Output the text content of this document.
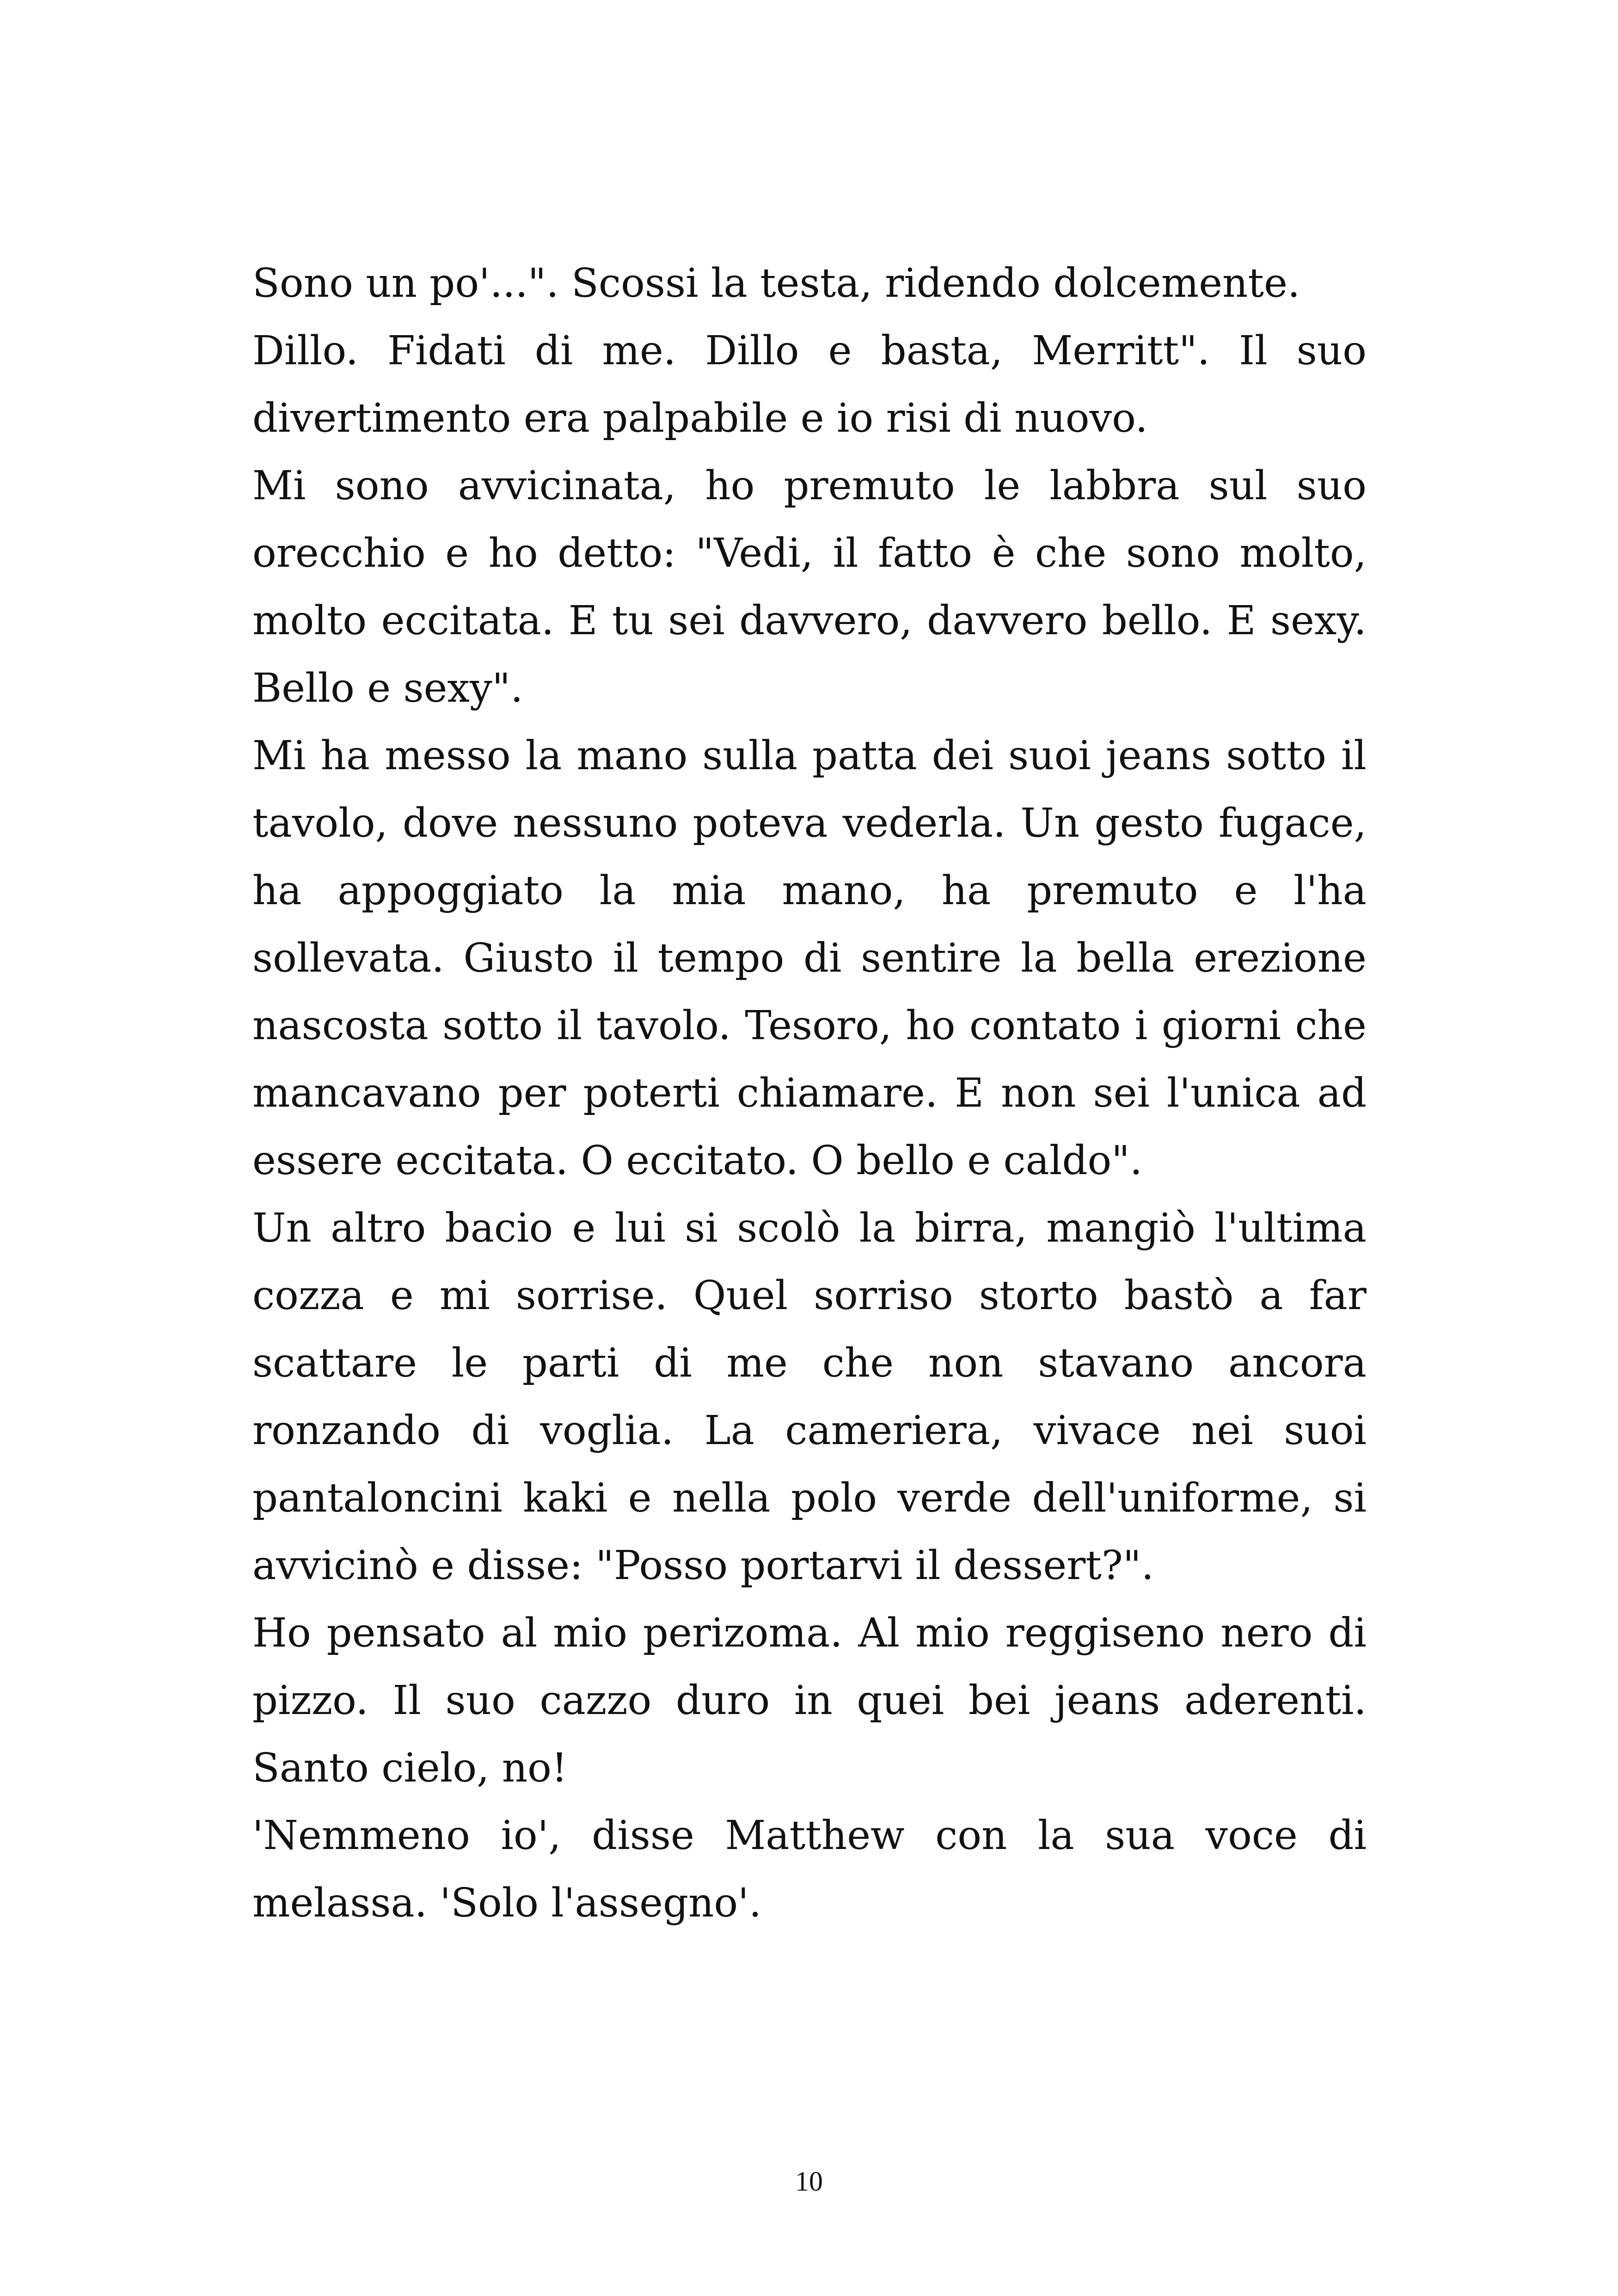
Sono un po'...". Scossi la testa, ridendo dolcemente.

Dillo. Fidati di me. Dillo e basta, Merritt". Il suo divertimento era palpabile e io risi di nuovo.

Mi sono avvicinata, ho premuto le labbra sul suo orecchio e ho detto: "Vedi, il fatto è che sono molto, molto eccitata. E tu sei davvero, davvero bello. E sexy. Bello e sexy".

Mi ha messo la mano sulla patta dei suoi jeans sotto il tavolo, dove nessuno poteva vederla. Un gesto fugace, ha appoggiato la mia mano, ha premuto e l'ha sollevata. Giusto il tempo di sentire la bella erezione nascosta sotto il tavolo. Tesoro, ho contato i giorni che mancavano per poterti chiamare. E non sei l'unica ad essere eccitata. O eccitato. O bello e caldo".

Un altro bacio e lui si scolò la birra, mangiò l'ultima cozza e mi sorrise. Quel sorriso storto bastò a far scattare le parti di me che non stavano ancora ronzando di voglia. La cameriera, vivace nei suoi pantaloncini kaki e nella polo verde dell'uniforme, si avvicinò e disse: "Posso portarvi il dessert?".

Ho pensato al mio perizoma. Al mio reggiseno nero di pizzo. Il suo cazzo duro in quei bei jeans aderenti. Santo cielo, no!

'Nemmeno io', disse Matthew con la sua voce di melassa. 'Solo l'assegno'.

10
